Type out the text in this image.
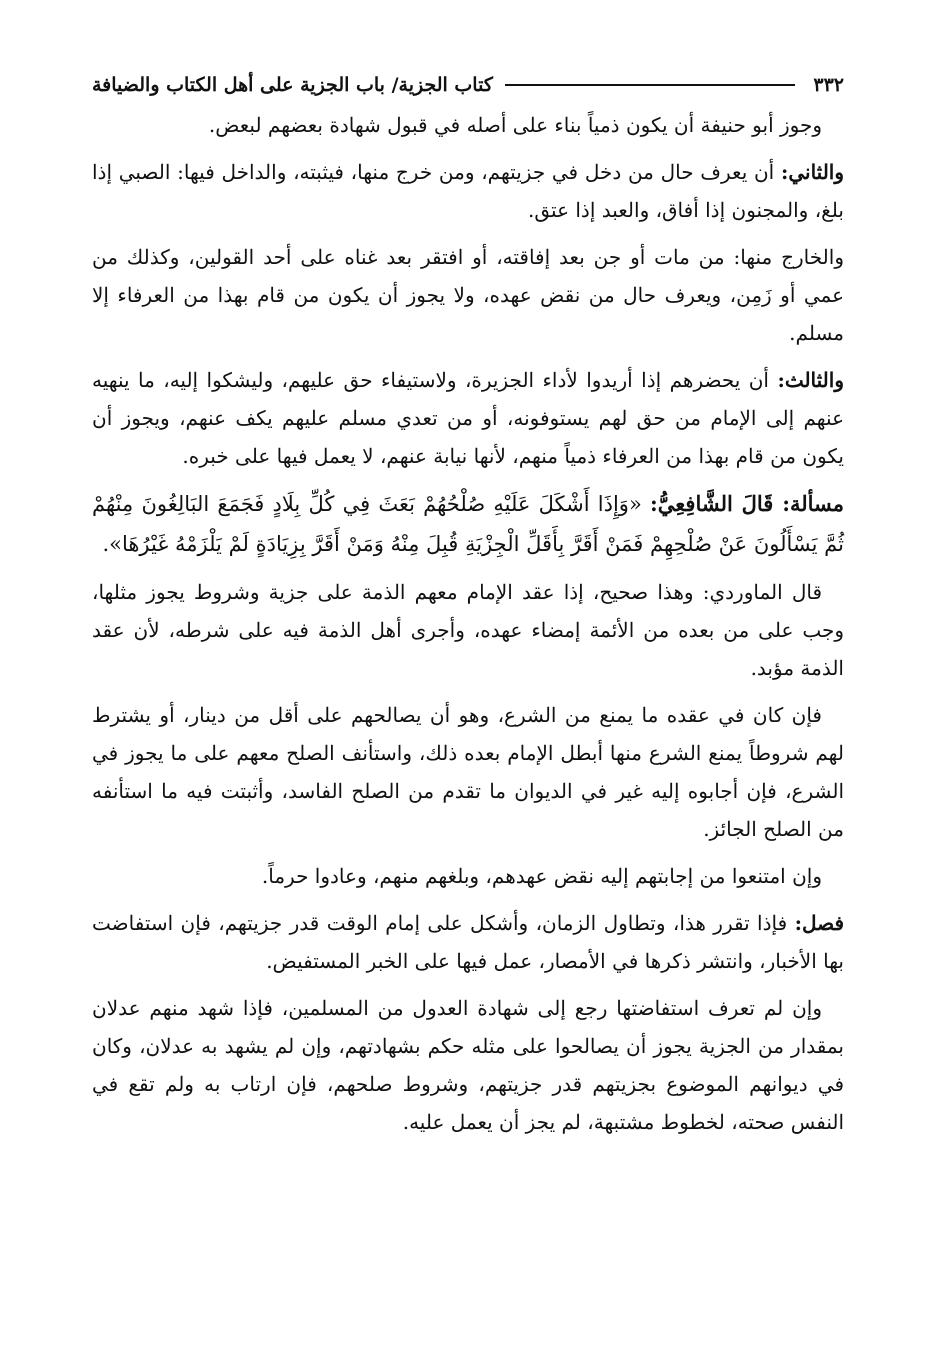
٣٣٢
كتاب الجزية/ باب الجزية على أهل الكتاب والضيافة

وجوز أبو حنيفة أن يكون ذمياً بناء على أصله في قبول شهادة بعضهم لبعض.

والثاني: أن يعرف حال من دخل في جزيتهم، ومن خرج منها، فيثبته، والداخل فيها: الصبي إذا بلغ، والمجنون إذا أفاق، والعبد إذا عتق.

والخارج منها: من مات أو جن بعد إفاقته، أو افتقر بعد غناه على أحد القولين، وكذلك من عمي أو زَمِن، ويعرف حال من نقض عهده، ولا يجوز أن يكون من قام بهذا من العرفاء إلا مسلم.

والثالث: أن يحضرهم إذا أريدوا لأداء الجزيرة، ولاستيفاء حق عليهم، وليشكوا إليه، ما ينهيه عنهم إلى الإمام من حق لهم يستوفونه، أو من تعدي مسلم عليهم يكف عنهم، ويجوز أن يكون من قام بهذا من العرفاء ذمياً منهم، لأنها نيابة عنهم، لا يعمل فيها على خبره.

مسألة: قَالَ الشَّافِعِيُّ: «وَإِذَا أَشْكَلَ عَلَيْهِ صُلْحُهُمْ بَعَثَ فِي كُلِّ بِلَادٍ فَجَمَعَ البَالِغُونَ مِنْهُمْ ثُمَّ يَسْأَلُونَ عَنْ صُلْحِهِمْ فَمَنْ أَقَرَّ بِأَقَلِّ الْجِزْيَةِ قُبِلَ مِنْهُ وَمَنْ أَقَرَّ بِزِيَادَةٍ لَمْ يَلْزَمْهُ غَيْرُهَا».

قال الماوردي: وهذا صحيح، إذا عقد الإمام معهم الذمة على جزية وشروط يجوز مثلها، وجب على من بعده من الأئمة إمضاء عهده، وأجرى أهل الذمة فيه على شرطه، لأن عقد الذمة مؤبد.

فإن كان في عقده ما يمنع من الشرع، وهو أن يصالحهم على أقل من دينار، أو يشترط لهم شروطاً يمنع الشرع منها أبطل الإمام بعده ذلك، واستأنف الصلح معهم على ما يجوز في الشرع، فإن أجابوه إليه غير في الديوان ما تقدم من الصلح الفاسد، وأثبتت فيه ما استأنفه من الصلح الجائز.

وإن امتنعوا من إجابتهم إليه نقض عهدهم، وبلغهم منهم، وعادوا حرماً.

فصل: فإذا تقرر هذا، وتطاول الزمان، وأشكل على إمام الوقت قدر جزيتهم، فإن استفاضت بها الأخبار، وانتشر ذكرها في الأمصار، عمل فيها على الخبر المستفيض.

وإن لم تعرف استفاضتها رجع إلى شهادة العدول من المسلمين، فإذا شهد منهم عدلان بمقدار من الجزية يجوز أن يصالحوا على مثله حكم بشهادتهم، وإن لم يشهد به عدلان، وكان في ديوانهم الموضوع بجزيتهم قدر جزيتهم، وشروط صلحهم، فإن ارتاب به ولم تقع في النفس صحته، لخطوط مشتبهة، لم يجز أن يعمل عليه.
